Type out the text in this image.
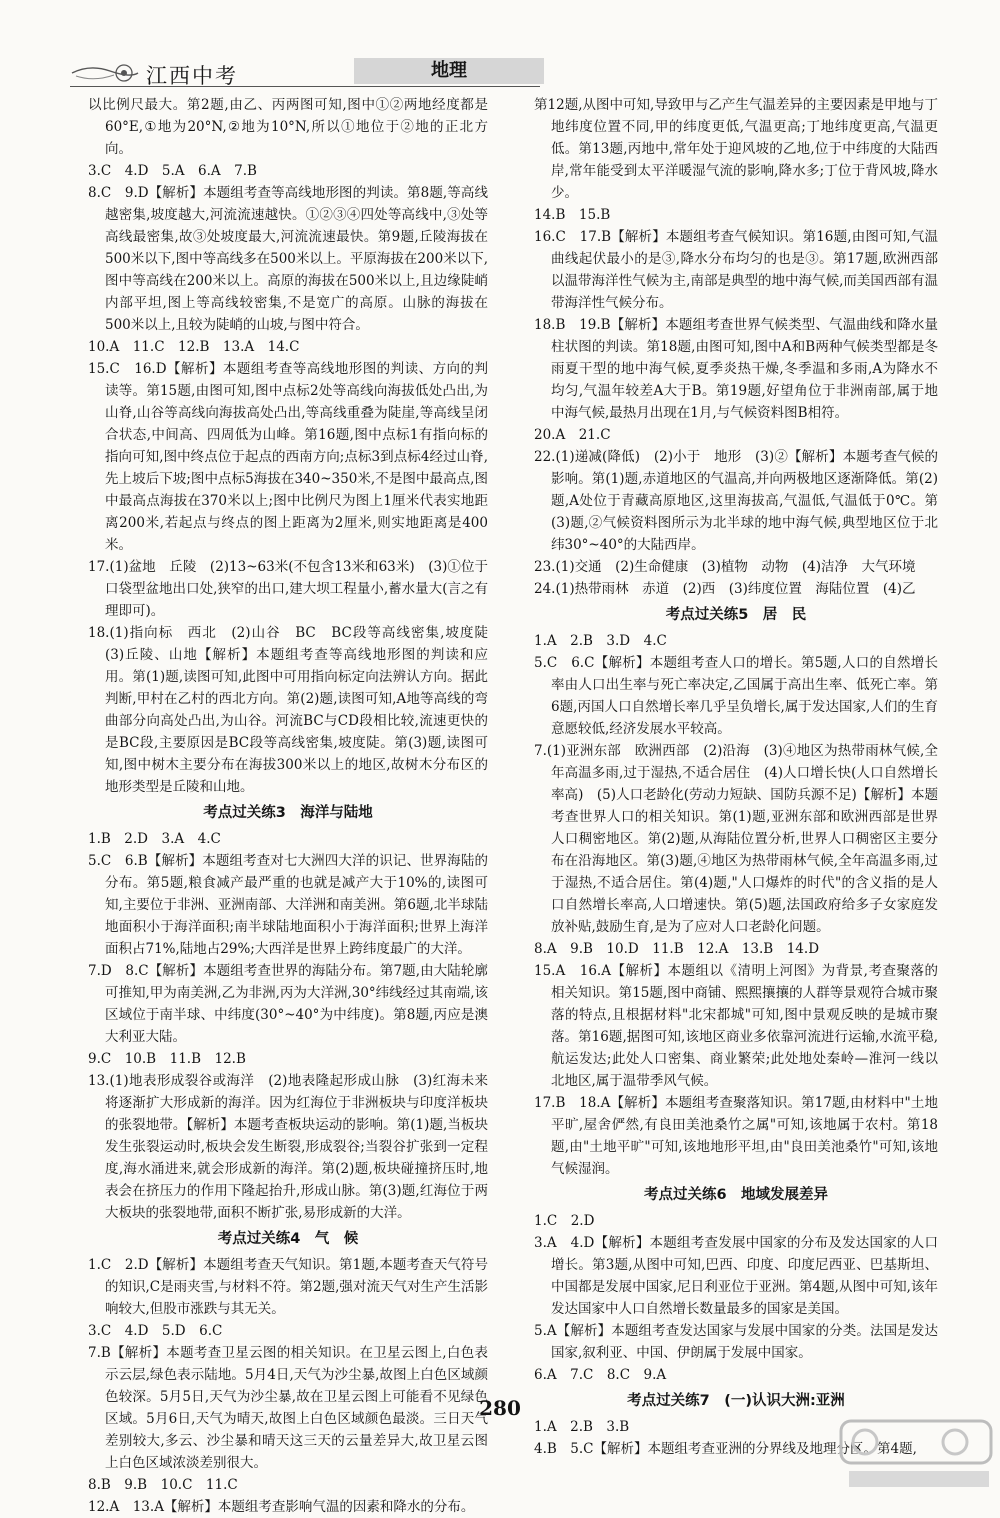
江西中考	地理
以比例尺最大。第2题,由乙、丙两图可知,图中①②两地经度都是60°E,①地为20°N,②地为10°N,所以①地位于②地的正北方向。
3.C　4.D　5.A　6.A　7.B
8.C　9.D【解析】本题组考查等高线地形图的判读。第8题,等高线越密集,坡度越大,河流流速越快。①②③④四处等高线中,③处等高线最密集,故③处坡度最大,河流流速最快。第9题,丘陵海拔在500米以下,图中等高线多在500米以上。平原海拔在200米以下,图中等高线在200米以上。高原的海拔在500米以上,且边缘陡峭内部平坦,图上等高线较密集,不是宽广的高原。山脉的海拔在500米以上,且较为陡峭的山坡,与图中符合。
10.A　11.C　12.B　13.A　14.C
15.C　16.D【解析】本题组考查等高线地形图的判读、方向的判读等。第15题,由图可知,图中点标2处等高线向海拔低处凸出,为山脊,山谷等高线向海拔高处凸出,等高线重叠为陡崖,等高线呈闭合状态,中间高、四周低为山峰。第16题,图中点标1有指向标的指向可知,图中终点位于起点的西南方向;点标3到点标4经过山脊,先上坡后下坡;图中点标5海拔在340~350米,不是图中最高点,图中最高点海拔在370米以上;图中比例尺为图上1厘米代表实地距离200米,若起点与终点的图上距离为2厘米,则实地距离是400米。
17.(1)盆地　丘陵　(2)13~63米(不包含13米和63米)　(3)①位于口袋型盆地出口处,狭窄的出口,建大坝工程量小,蓄水量大(言之有理即可)。
18.(1)指向标　西北　(2)山谷　BC　BC段等高线密集,坡度陡　(3)丘陵、山地【解析】本题组考查等高线地形图的判读和应用。第(1)题,读图可知,此图中可用指向标定向法辨认方向。据此判断,甲村在乙村的西北方向。第(2)题,读图可知,A地等高线的弯曲部分向高处凸出,为山谷。河流BC与CD段相比较,流速更快的是BC段,主要原因是BC段等高线密集,坡度陡。第(3)题,读图可知,图中树木主要分布在海拔300米以上的地区,故树木分布区的地形类型是丘陵和山地。
考点过关练3　海洋与陆地
1.B　2.D　3.A　4.C
5.C　6.B【解析】本题组考查对七大洲四大洋的识记、世界海陆的分布。第5题,粮食减产最严重的也就是减产大于10%的,读图可知,主要位于非洲、亚洲南部、大洋洲和南美洲。第6题,北半球陆地面积小于海洋面积;南半球陆地面积小于海洋面积;世界上海洋面积占71%,陆地占29%;大西洋是世界上跨纬度最广的大洋。
7.D　8.C【解析】本题组考查世界的海陆分布。第7题,由大陆轮廓可推知,甲为南美洲,乙为非洲,丙为大洋洲,30°纬线经过其南端,该区域位于南半球、中纬度(30°~40°为中纬度)。第8题,丙应是澳大利亚大陆。
9.C　10.B　11.B　12.B
13.(1)地表形成裂谷或海洋　(2)地表隆起形成山脉　(3)红海未来将逐渐扩大形成新的海洋。因为红海位于非洲板块与印度洋板块的张裂地带。【解析】本题考查板块运动的影响。第(1)题,当板块发生张裂运动时,板块会发生断裂,形成裂谷;当裂谷扩张到一定程度,海水涌进来,就会形成新的海洋。第(2)题,板块碰撞挤压时,地表会在挤压力的作用下隆起抬升,形成山脉。第(3)题,红海位于两大板块的张裂地带,面积不断扩张,易形成新的大洋。
考点过关练4　气　候
1.C　2.D【解析】本题组考查天气知识。第1题,本题考查天气符号的知识,C是雨夹雪,与材料不符。第2题,强对流天气对生产生活影响较大,但股市涨跌与其无关。
3.C　4.D　5.D　6.C
7.B【解析】本题考查卫星云图的相关知识。在卫星云图上,白色表示云层,绿色表示陆地。5月4日,天气为沙尘暴,故图上白色区域颜色较深。5月5日,天气为沙尘暴,故在卫星云图上可能看不见绿色区域。5月6日,天气为晴天,故图上白色区域颜色最淡。三日天气差别较大,多云、沙尘暴和晴天这三天的云量差异大,故卫星云图上白色区域浓淡差别很大。
8.B　9.B　10.C　11.C
12.A　13.A【解析】本题组考查影响气温的因素和降水的分布。
第12题,从图中可知,导致甲与乙产生气温差异的主要因素是甲地与丁地纬度位置不同,甲的纬度更低,气温更高;丁地纬度更高,气温更低。第13题,丙地中,常年处于迎风坡的乙地,位于中纬度的大陆西岸,常年能受到太平洋暖湿气流的影响,降水多;丁位于背风坡,降水少。
14.B　15.B
16.C　17.B【解析】本题组考查气候知识。第16题,由图可知,气温曲线起伏最小的是③,降水分布均匀的也是③。第17题,欧洲西部以温带海洋性气候为主,南部是典型的地中海气候,而美国西部有温带海洋性气候分布。
18.B　19.B【解析】本题组考查世界气候类型、气温曲线和降水量柱状图的判读。第18题,由图可知,图中A和B两种气候类型都是冬雨夏干型的地中海气候,夏季炎热干燥,冬季温和多雨,A为降水不均匀,气温年较差A大于B。第19题,好望角位于非洲南部,属于地中海气候,最热月出现在1月,与气候资料图B相符。
20.A　21.C
22.(1)递减(降低)　(2)小于　地形　(3)②【解析】本题考查气候的影响。第(1)题,赤道地区的气温高,并向两极地区逐渐降低。第(2)题,A处位于青藏高原地区,这里海拔高,气温低,气温低于0℃。第(3)题,②气候资料图所示为北半球的地中海气候,典型地区位于北纬30°~40°的大陆西岸。
23.(1)交通　(2)生命健康　(3)植物　动物　(4)洁净　大气环境
24.(1)热带雨林　赤道　(2)西　(3)纬度位置　海陆位置　(4)乙
考点过关练5　居　民
1.A　2.B　3.D　4.C
5.C　6.C【解析】本题组考查人口的增长。第5题,人口的自然增长率由人口出生率与死亡率决定,乙国属于高出生率、低死亡率。第6题,丙国人口自然增长率几乎呈负增长,属于发达国家,人们的生育意愿较低,经济发展水平较高。
7.(1)亚洲东部　欧洲西部　(2)沿海　(3)④地区为热带雨林气候,全年高温多雨,过于湿热,不适合居住　(4)人口增长快(人口自然增长率高)　(5)人口老龄化(劳动力短缺、国防兵源不足)【解析】本题考查世界人口的相关知识。第(1)题,亚洲东部和欧洲西部是世界人口稠密地区。第(2)题,从海陆位置分析,世界人口稠密区主要分布在沿海地区。第(3)题,④地区为热带雨林气候,全年高温多雨,过于湿热,不适合居住。第(4)题,"人口爆炸的时代"的含义指的是人口自然增长率高,人口增速快。第(5)题,法国政府给多子女家庭发放补贴,鼓励生育,是为了应对人口老龄化问题。
8.A　9.B　10.D　11.B　12.A　13.B　14.D
15.A　16.A【解析】本题组以《清明上河图》为背景,考查聚落的相关知识。第15题,图中商铺、熙熙攘攘的人群等景观符合城市聚落的特点,且根据材料"北宋都城"可知,图中景观反映的是城市聚落。第16题,据图可知,该地区商业多依靠河流进行运输,水流平稳,航运发达;此处人口密集、商业繁荣;此处地处秦岭—淮河一线以北地区,属于温带季风气候。
17.B　18.A【解析】本题组考查聚落知识。第17题,由材料中"土地平旷,屋舍俨然,有良田美池桑竹之属"可知,该地属于农村。第18题,由"土地平旷"可知,该地地形平坦,由"良田美池桑竹"可知,该地气候湿润。
考点过关练6　地域发展差异
1.C　2.D
3.A　4.D【解析】本题组考查发展中国家的分布及发达国家的人口增长。第3题,从图中可知,巴西、印度、印度尼西亚、巴基斯坦、中国都是发展中国家,尼日利亚位于亚洲。第4题,从图中可知,该年发达国家中人口自然增长数量最多的国家是美国。
5.A【解析】本题组考查发达国家与发展中国家的分类。法国是发达国家,叙利亚、中国、伊朗属于发展中国家。
6.A　7.C　8.C　9.A
考点过关练7　(一)认识大洲:亚洲
1.A　2.B　3.B
4.B　5.C【解析】本题组考查亚洲的分界线及地理分区。第4题,
280
